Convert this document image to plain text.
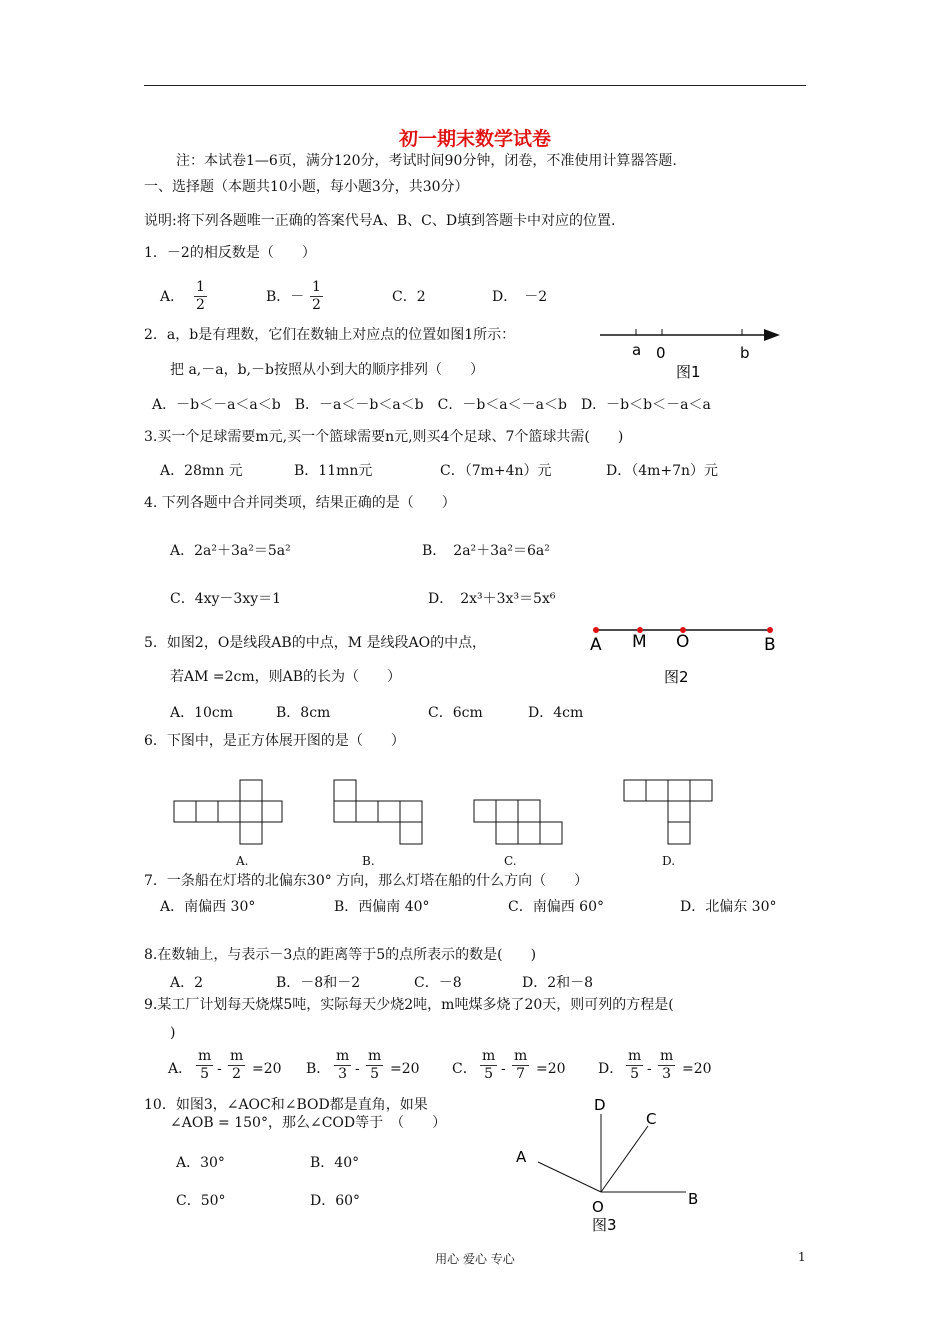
初一期末数学试卷
注：本试卷1—6页，满分120分，考试时间90分钟，闭卷，不准使用计算器答题.
一、选择题（本题共10小题，每小题3分，共30分）
说明:将下列各题唯一正确的答案代号A、B、C、D填到答题卡中对应的位置.
1．－2的相反数是（　　）
A． $\frac{1}{2}$	B．－ $\frac{1}{2}$	C．2	D．　－2
2．a，b是有理数，它们在数轴上对应点的位置如图1所示：
把 a,－a，b,－b按照从小到大的顺序排列（　　）
A．－b＜－a＜a＜b　B．－a＜－b＜a＜b　C．－b＜a＜－a＜b　D．－b＜b＜－a＜a
a 0	b
图1
3.买一个足球需要m元,买一个篮球需要n元,则买4个足球、7个篮球共需(　　)
A．28mn 元	B．11mn元	C．（7m+4n）元	D．（4m+7n）元
4. 下列各题中合并同类项，结果正确的是（　　）
A．2a²＋3a²＝5a²	B．　2a²＋3a²＝6a²
C．4xy－3xy＝1	D．　2x³＋3x³＝5x⁶
5．如图2，O是线段AB的中点，M 是线段AO的中点，
若AM =2cm，则AB的长为（　　）
A．10cm	B．8cm	C．6cm	D．4cm
A M O	B
图2
6．下图中，是正方体展开图的是（　　）
A.	B.	C.	D.
7．一条船在灯塔的北偏东30° 方向，那么灯塔在船的什么方向（　　）
A．南偏西 30°	B．西偏南 40°	C．南偏西 60°	D．北偏东 30°
8.在数轴上，与表示－3点的距离等于5的点所表示的数是(　　)
A．2	B．－8和－2	C．－8	D．2和－8
9.某工厂计划每天烧煤5吨，实际每天少烧2吨，m吨煤多烧了20天，则可列的方程是(
)
A． $\frac{m}{5} - \frac{m}{2} =20$ B． $\frac{m}{3} - \frac{m}{5} =20$ C． $\frac{m}{5} - \frac{m}{7} =20$ D． $\frac{m}{5} - \frac{m}{3} =20$
10．如图3，∠AOC和∠BOD都是直角，如果
∠AOB = 150°，那么∠COD等于　（　　）
A．30°	B．40°
C．50°	D．60°
D
C
A
O	B
图3
用心 爱心 专心	1
